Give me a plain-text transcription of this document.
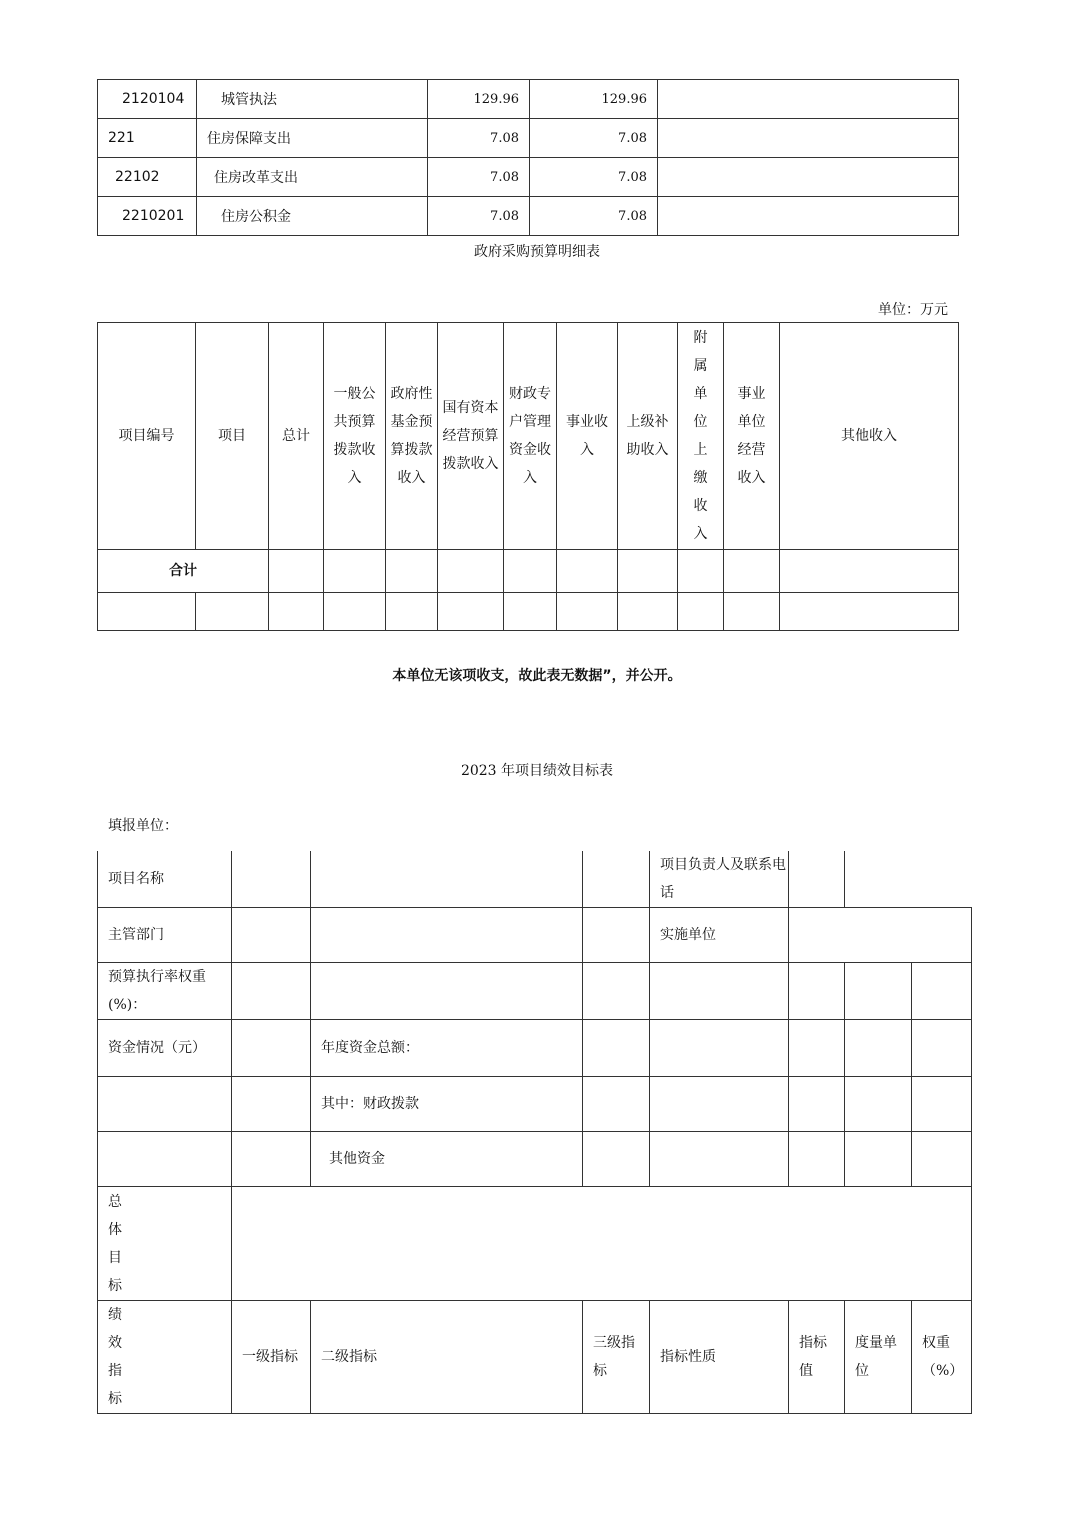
2120104	城管执法	129.96	129.96	
221	住房保障支出	7.08	7.08	
22102	住房改革支出	7.08	7.08	
2210201	住房公积金	7.08	7.08	
政府采购预算明细表
单位：万元
项目编号	项目	总计	一般公共预算拨款收入	政府性基金预算拨款收入	国有资本经营预算拨款收入	财政专户管理资金收入	事业收入	上级补助收入	附属单位上缴收入	事业单位经营收入	其他收入
合计											

本单位无该项收支，故此表无数据”，并公开。
2023 年项目绩效目标表
填报单位：
项目名称				项目负责人及联系电话			
主管部门				实施单位			
预算执行率权重(%)：							
资金情况（元）		年度资金总额：					
		其中：财政拨款					
		其他资金					
总体目标							
绩效指标	一级指标	二级指标	三级指标	指标性质	指标值	度量单位	权重（%）
